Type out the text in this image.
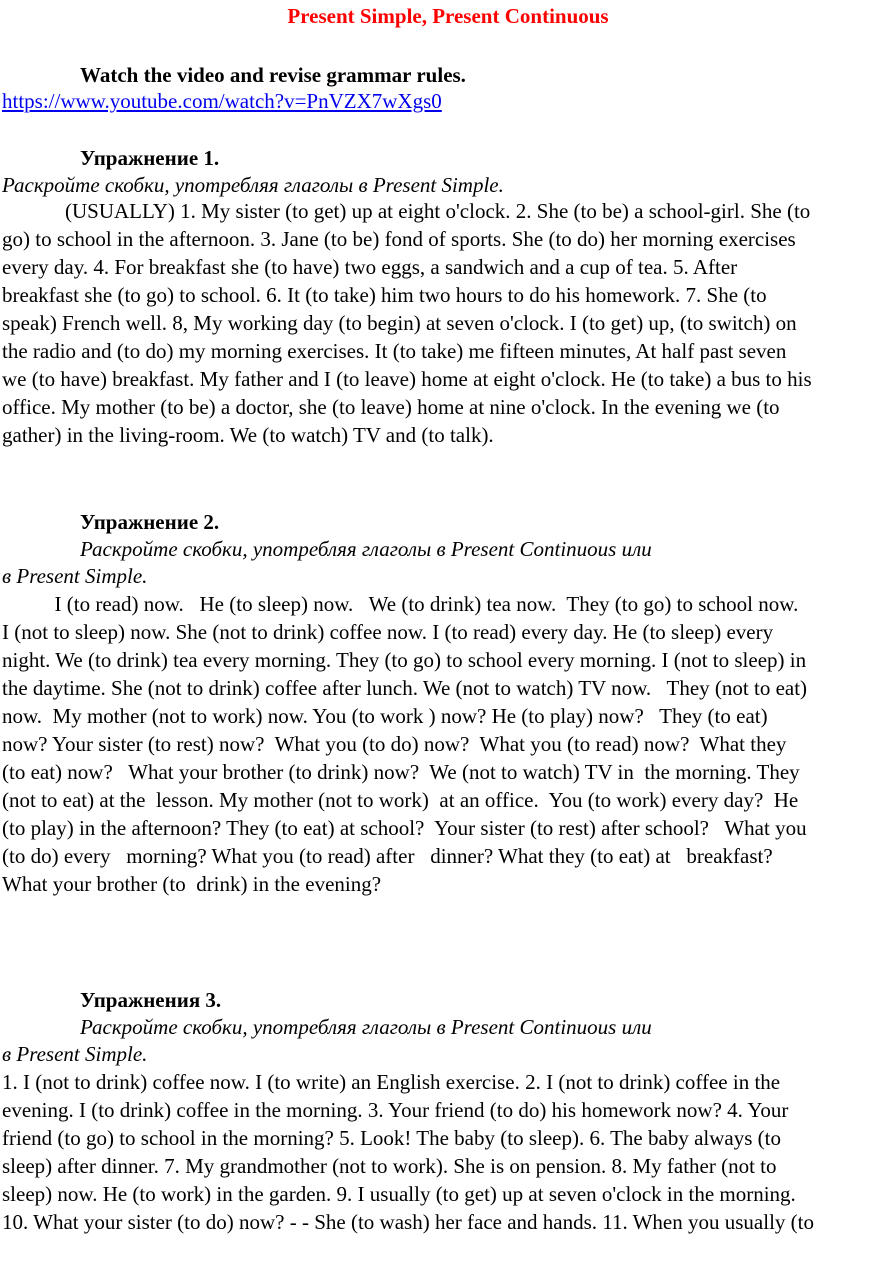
Present Simple, Present Continuous
Watch the video and revise grammar rules.
https://www.youtube.com/watch?v=PnVZX7wXgs0
Упражнение 1.
Раскройте скобки, употребляя глаголы в Present Simple.
(USUALLY) 1. My sister (to get) up at eight o'clock. 2. She (to be) a school-girl. She (to go) to school in the afternoon. 3. Jane (to be) fond of sports. She (to do) her morning exercises every day. 4. For breakfast she (to have) two eggs, a sandwich and a cup of tea. 5. After breakfast she (to go) to school. 6. It (to take) him two hours to do his homework. 7. She (to speak) French well. 8, My working day (to begin) at seven o'clock. I (to get) up, (to switch) on the radio and (to do) my morning exercises. It (to take) me fifteen minutes, At half past seven we (to have) breakfast. My father and I (to leave) home at eight o'clock. He (to take) a bus to his office. My mother (to be) a doctor, she (to leave) home at nine o'clock. In the evening we (to gather) in the living-room. We (to watch) TV and (to talk).
Упражнение 2.
Раскройте скобки, употребляя глаголы в Present Continuous или
в Present Simple.
I (to read) now.   He (to sleep) now.   We (to drink) tea now.  They (to go) to school now.  I (not to sleep) now. She (not to drink) coffee now. I (to read) every day. He (to sleep) every night. We (to drink) tea every morning. They (to go) to school every morning. I (not to sleep) in the daytime. She (not to drink) coffee after lunch. We (not to watch) TV now.   They (not to eat) now.  My mother (not to work) now. You (to work ) now? He (to play) now?   They (to eat) now? Your sister (to rest) now?  What you (to do) now?  What you (to read) now?  What they (to eat) now?   What your brother (to drink) now?  We (not to watch) TV in  the morning. They (not to eat) at the  lesson. My mother (not to work)  at an office.  You (to work) every day?  He (to play) in the afternoon? They (to eat) at school?  Your sister (to rest) after school?   What you (to do) every   morning? What you (to read) after   dinner? What they (to eat) at   breakfast? What your brother (to  drink) in the evening?
Упражнения 3.
Раскройте скобки, употребляя глаголы в Present Continuous или
в Present Simple.
1. I (not to drink) coffee now. I (to write) an English exercise. 2. I (not to drink) coffee in the evening. I (to drink) coffee in the morning. 3. Your friend (to do) his homework now? 4. Your friend (to go) to school in the morning? 5. Look! The baby (to sleep). 6. The baby always (to sleep) after dinner. 7. My grandmother (not to work). She is on pension. 8. My father (not to sleep) now. He (to work) in the garden. 9. I usually (to get) up at seven o'clock in the morning. 10. What your sister (to do) now? - - She (to wash) her face and hands. 11. When you usually (to
